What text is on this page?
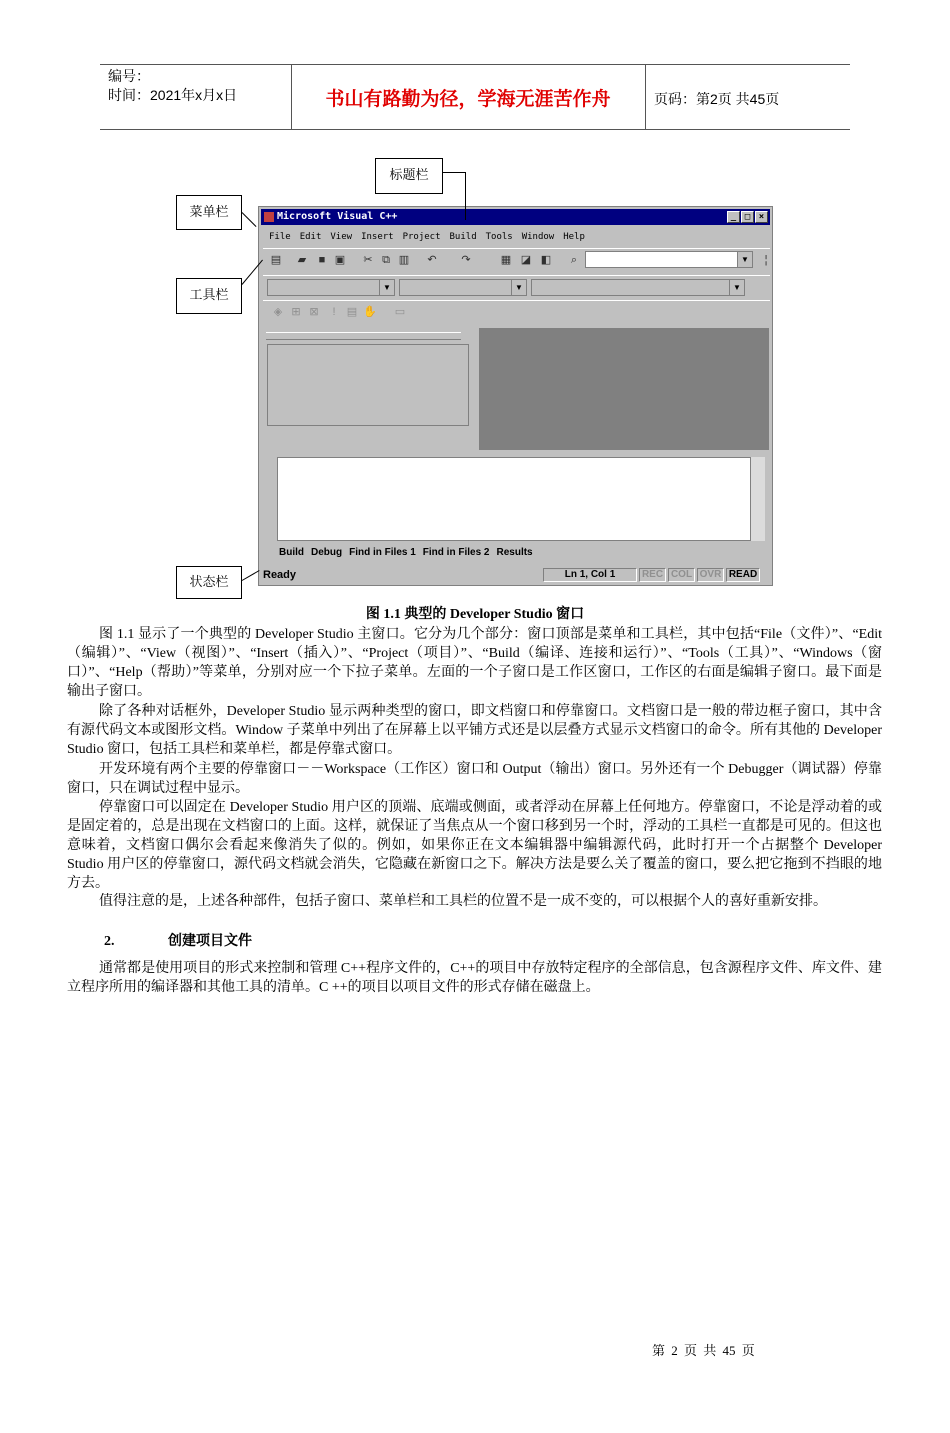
编号：
时间：2021年x月x日	书山有路勤为径，学海无涯苦作舟	页码：第2页 共45页
Microsoft Visual C++	_ □ ×
File Edit View Insert Project Build Tools Window Help
▤ ▰	■ ▣ ✂ ⧉ ▥ ↶ ↷	▦ ◪ ◧	⌕	▼	¦
▼	▼	▼
◈ ⊞ ⊠	!	▤ ✋ ▭
Build Debug Find in Files 1 Find in Files 2 Results
Ready	Ln 1, Col 1	REC COL OVR READ
标题栏
菜单栏
工具栏
状态栏
图 1.1 典型的 Developer Studio 窗口

图 1.1 显示了一个典型的 Developer Studio 主窗口。它分为几个部分：窗口顶部是菜单和工具栏，其中包括“File（文件）”、“Edit（编辑）”、“View（视图）”、“Insert（插入）”、“Project（项目）”、“Build（编译、连接和运行）”、“Tools（工具）”、“Windows（窗口）”、“Help（帮助）”等菜单，分别对应一个下拉子菜单。左面的一个子窗口是工作区窗口，工作区的右面是编辑子窗口。最下面是输出子窗口。

除了各种对话框外，Developer Studio 显示两种类型的窗口，即文档窗口和停靠窗口。文档窗口是一般的带边框子窗口，其中含有源代码文本或图形文档。Window 子菜单中列出了在屏幕上以平铺方式还是以层叠方式显示文档窗口的命令。所有其他的 Developer Studio 窗口，包括工具栏和菜单栏，都是停靠式窗口。

开发环境有两个主要的停靠窗口－－Workspace（工作区）窗口和 Output（输出）窗口。另外还有一个 Debugger（调试器）停靠窗口，只在调试过程中显示。

停靠窗口可以固定在 Developer Studio 用户区的顶端、底端或侧面，或者浮动在屏幕上任何地方。停靠窗口，不论是浮动着的或是固定着的，总是出现在文档窗口的上面。这样，就保证了当焦点从一个窗口移到另一个时，浮动的工具栏一直都是可见的。但这也意味着，文档窗口偶尔会看起来像消失了似的。例如，如果你正在文本编辑器中编辑源代码，此时打开一个占据整个 Developer Studio 用户区的停靠窗口，源代码文档就会消失，它隐藏在新窗口之下。解决方法是要么关了覆盖的窗口，要么把它拖到不挡眼的地方去。

值得注意的是，上述各种部件，包括子窗口、菜单栏和工具栏的位置不是一成不变的，可以根据个人的喜好重新安排。

2.	创建项目文件

通常都是使用项目的形式来控制和管理 C++程序文件的，C++的项目中存放特定程序的全部信息，包含源程序文件、库文件、建立程序所用的编译器和其他工具的清单。C ++的项目以项目文件的形式存储在磁盘上。

第 2 页 共 45 页
